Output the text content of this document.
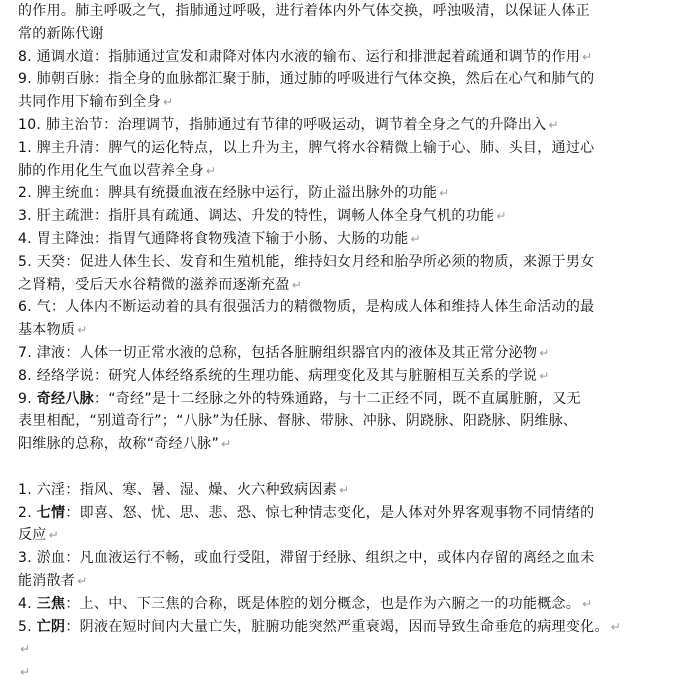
的作用。肺主呼吸之气，指肺通过呼吸，进行着体内外气体交换，呼浊吸清，以保证人体正
常的新陈代谢
8. 通调水道：指肺通过宣发和肃降对体内水液的输布、运行和排泄起着疏通和调节的作用 ↵
9. 肺朝百脉：指全身的血脉都汇聚于肺，通过肺的呼吸进行气体交换，然后在心气和肺气的
共同作用下输布到全身 ↵
10. 肺主治节：治理调节，指肺通过有节律的呼吸运动，调节着全身之气的升降出入 ↵
1. 脾主升清：脾气的运化特点，以上升为主，脾气将水谷精微上输于心、肺、头目，通过心
肺的作用化生气血以营养全身 ↵
2. 脾主统血：脾具有统摄血液在经脉中运行，防止溢出脉外的功能 ↵
3. 肝主疏泄：指肝具有疏通、调达、升发的特性，调畅人体全身气机的功能 ↵
4. 胃主降浊：指胃气通降将食物残渣下输于小肠、大肠的功能 ↵
5. 天癸：促进人体生长、发育和生殖机能，维持妇女月经和胎孕所必须的物质，来源于男女
之肾精，受后天水谷精微的滋养而逐渐充盈 ↵
6. 气：人体内不断运动着的具有很强活力的精微物质，是构成人体和维持人体生命活动的最
基本物质 ↵
7. 津液：人体一切正常水液的总称，包括各脏腑组织器官内的液体及其正常分泌物 ↵
8. 经络学说：研究人体经络系统的生理功能、病理变化及其与脏腑相互关系的学说 ↵
9. 奇经八脉：“奇经”是十二经脉之外的特殊通路，与十二正经不同，既不直属脏腑，又无
表里相配，“别道奇行”；“八脉”为任脉、督脉、带脉、冲脉、阴跷脉、阳跷脉、阴维脉、
阳维脉的总称，故称“奇经八脉” ↵
1. 六淫：指风、寒、暑、湿、燥、火六种致病因素 ↵
2. 七情：即喜、怒、忧、思、悲、恐、惊七种情志变化，是人体对外界客观事物不同情绪的
反应 ↵
3. 淤血：凡血液运行不畅，或血行受阻，滞留于经脉、组织之中，或体内存留的离经之血未
能消散者 ↵
4. 三焦：上、中、下三焦的合称，既是体腔的划分概念，也是作为六腑之一的功能概念。 ↵
5. 亡阴：阴液在短时间内大量亡失，脏腑功能突然严重衰竭，因而导致生命垂危的病理变化。 ↵
↵
↵
